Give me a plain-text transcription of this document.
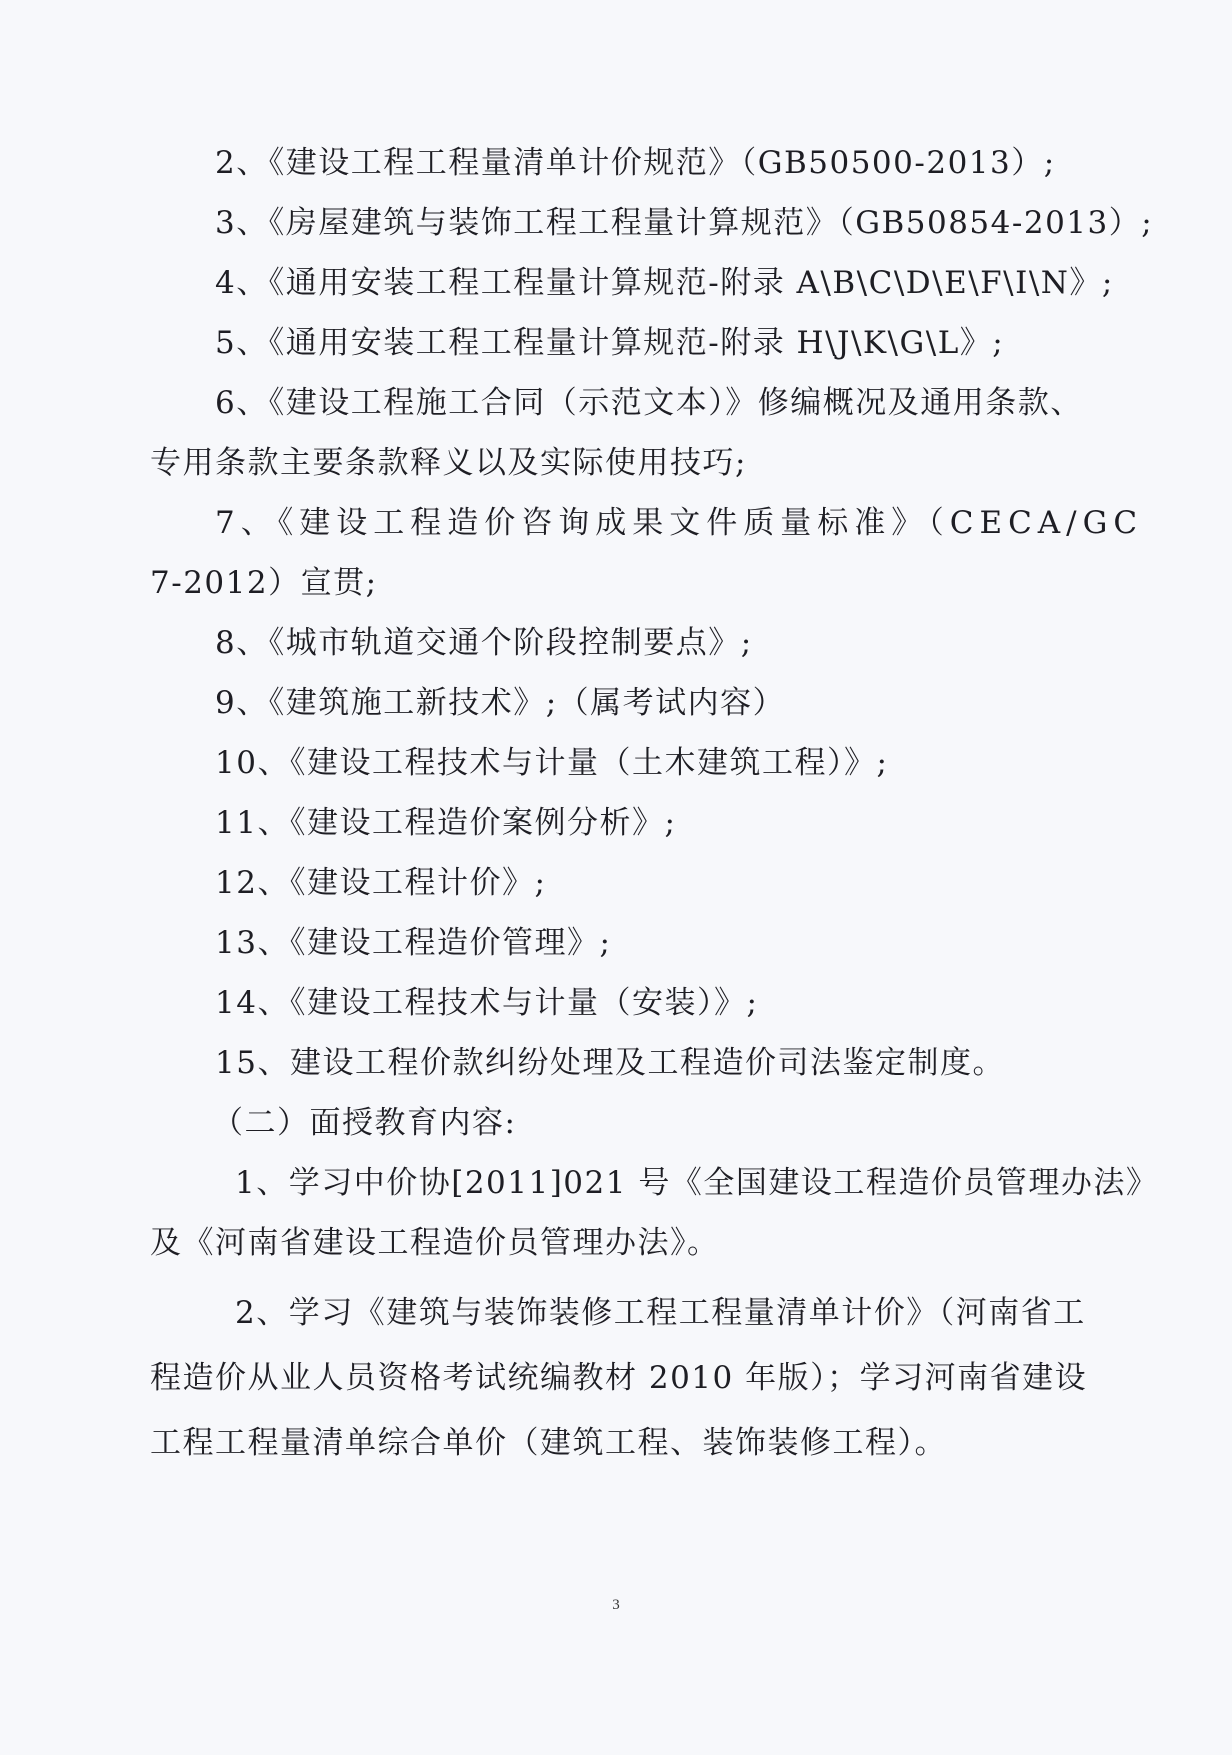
2、《建设工程工程量清单计价规范》（GB50500-2013）;
3、《房屋建筑与装饰工程工程量计算规范》（GB50854-2013）;
4、《通用安装工程工程量计算规范-附录 A\B\C\D\E\F\I\N》;
5、《通用安装工程工程量计算规范-附录 H\J\K\G\L》;
6、《建设工程施工合同（示范文本）》修编概况及通用条款、
专用条款主要条款释义以及实际使用技巧;
7、《建设工程造价咨询成果文件质量标准》（CECA/GC
7-2012）宣贯;
8、《城市轨道交通个阶段控制要点》;
9、《建筑施工新技术》;（属考试内容）
10、《建设工程技术与计量（土木建筑工程）》;
11、《建设工程造价案例分析》;
12、《建设工程计价》;
13、《建设工程造价管理》;
14、《建设工程技术与计量（安装）》;
15、建设工程价款纠纷处理及工程造价司法鉴定制度。
（二）面授教育内容:
1、学习中价协[2011]021 号《全国建设工程造价员管理办法》
及《河南省建设工程造价员管理办法》。
2、学习《建筑与装饰装修工程工程量清单计价》（河南省工
程造价从业人员资格考试统编教材 2010 年版）；学习河南省建设
工程工程量清单综合单价（建筑工程、装饰装修工程）。
3
